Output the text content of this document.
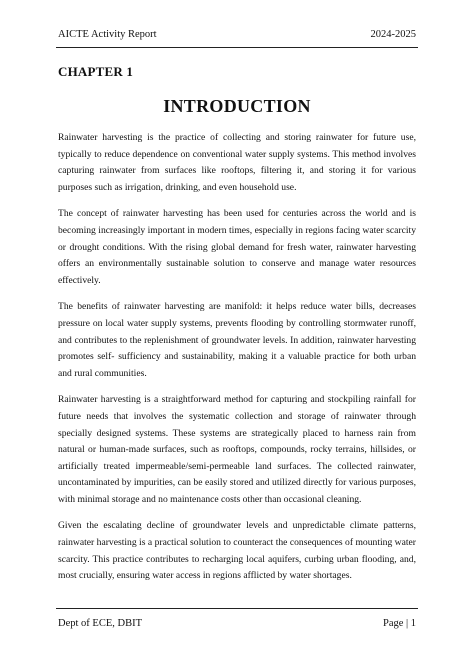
AICTE Activity Report	2024-2025
CHAPTER 1
INTRODUCTION

Rainwater harvesting is the practice of collecting and storing rainwater for future use, typically to reduce dependence on conventional water supply systems. This method involves capturing rainwater from surfaces like rooftops, filtering it, and storing it for various purposes such as irrigation, drinking, and even household use.

The concept of rainwater harvesting has been used for centuries across the world and is becoming increasingly important in modern times, especially in regions facing water scarcity or drought conditions. With the rising global demand for fresh water, rainwater harvesting offers an environmentally sustainable solution to conserve and manage water resources effectively.

The benefits of rainwater harvesting are manifold: it helps reduce water bills, decreases pressure on local water supply systems, prevents flooding by controlling stormwater runoff, and contributes to the replenishment of groundwater levels. In addition, rainwater harvesting promotes self- sufficiency and sustainability, making it a valuable practice for both urban and rural communities.

Rainwater harvesting is a straightforward method for capturing and stockpiling rainfall for future needs that involves the systematic collection and storage of rainwater through specially designed systems. These systems are strategically placed to harness rain from natural or human-made surfaces, such as rooftops, compounds, rocky terrains, hillsides, or artificially treated impermeable/semi-permeable land surfaces. The collected rainwater, uncontaminated by impurities, can be easily stored and utilized directly for various purposes, with minimal storage and no maintenance costs other than occasional cleaning.

Given the escalating decline of groundwater levels and unpredictable climate patterns, rainwater harvesting is a practical solution to counteract the consequences of mounting water scarcity. This practice contributes to recharging local aquifers, curbing urban flooding, and, most crucially, ensuring water access in regions afflicted by water shortages.

Dept of ECE, DBIT	Page | 1
